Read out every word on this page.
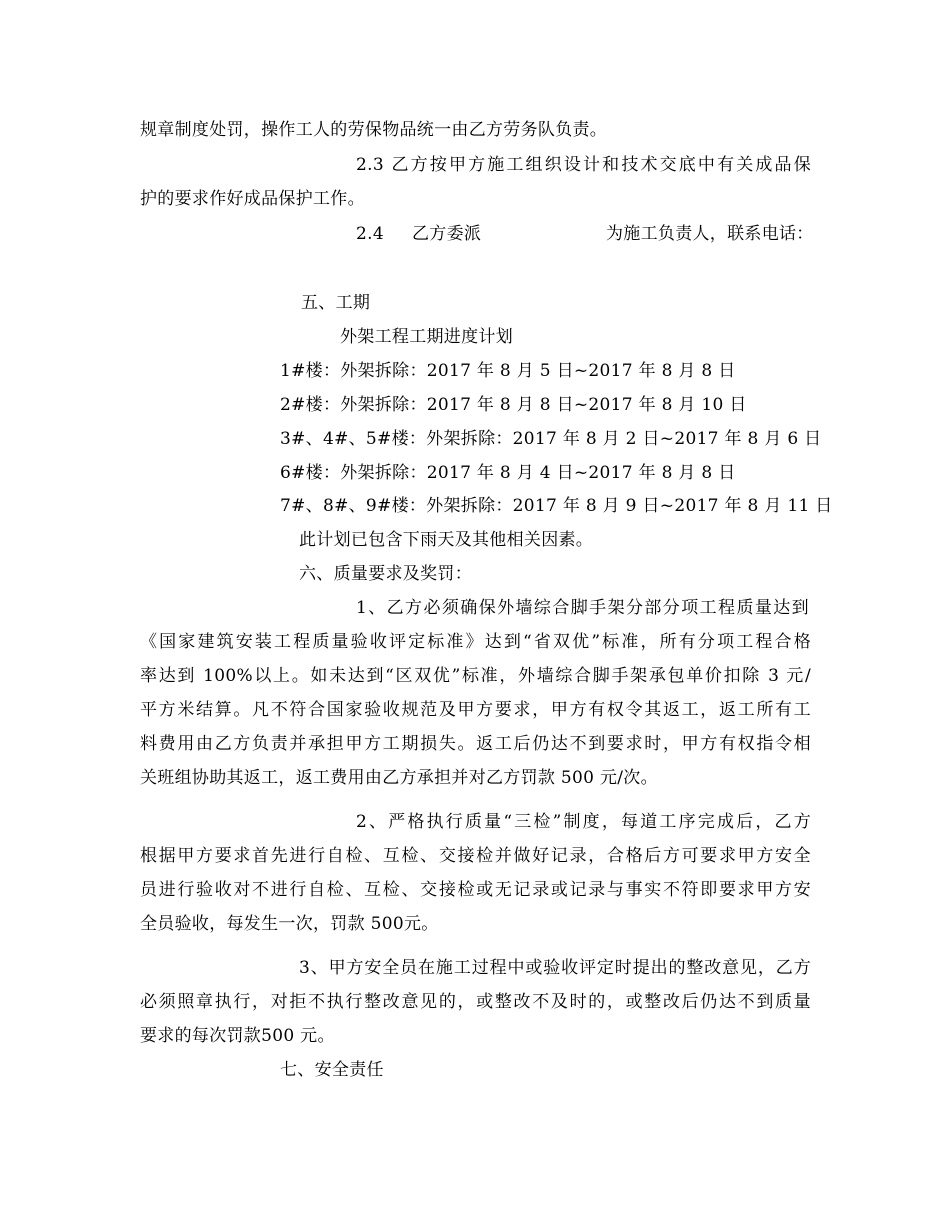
规章制度处罚，操作工人的劳保物品统一由乙方劳务队负责。
2.3 乙方按甲方施工组织设计和技术交底中有关成品保
护的要求作好成品保护工作。
2.4 乙方委派	为施工负责人，联系电话：
五、工期
外架工程工期进度计划
1#楼：外架拆除：2017 年 8 月 5 日~2017 年 8 月 8 日
2#楼：外架拆除：2017 年 8 月 8 日~2017 年 8 月 10 日
3#、4#、5#楼：外架拆除：2017 年 8 月 2 日~2017 年 8 月 6 日
6#楼：外架拆除：2017 年 8 月 4 日~2017 年 8 月 8 日
7#、8#、9#楼：外架拆除：2017 年 8 月 9 日~2017 年 8 月 11 日
此计划已包含下雨天及其他相关因素。
六、质量要求及奖罚：
1、乙方必须确保外墙综合脚手架分部分项工程质量达到
《国家建筑安装工程质量验收评定标准》达到“省双优”标准，所有分项工程合格
率达到 100%以上。如未达到“区双优”标准，外墙综合脚手架承包单价扣除 3 元/
平方米结算。凡不符合国家验收规范及甲方要求，甲方有权令其返工，返工所有工
料费用由乙方负责并承担甲方工期损失。返工后仍达不到要求时，甲方有权指令相
关班组协助其返工，返工费用由乙方承担并对乙方罚款 500 元/次。
2、严格执行质量“三检”制度，每道工序完成后，乙方
根据甲方要求首先进行自检、互检、交接检并做好记录，合格后方可要求甲方安全
员进行验收对不进行自检、互检、交接检或无记录或记录与事实不符即要求甲方安
全员验收，每发生一次，罚款 500元。
3、甲方安全员在施工过程中或验收评定时提出的整改意见，乙方
必须照章执行，对拒不执行整改意见的，或整改不及时的，或整改后仍达不到质量
要求的每次罚款500 元。
七、安全责任
